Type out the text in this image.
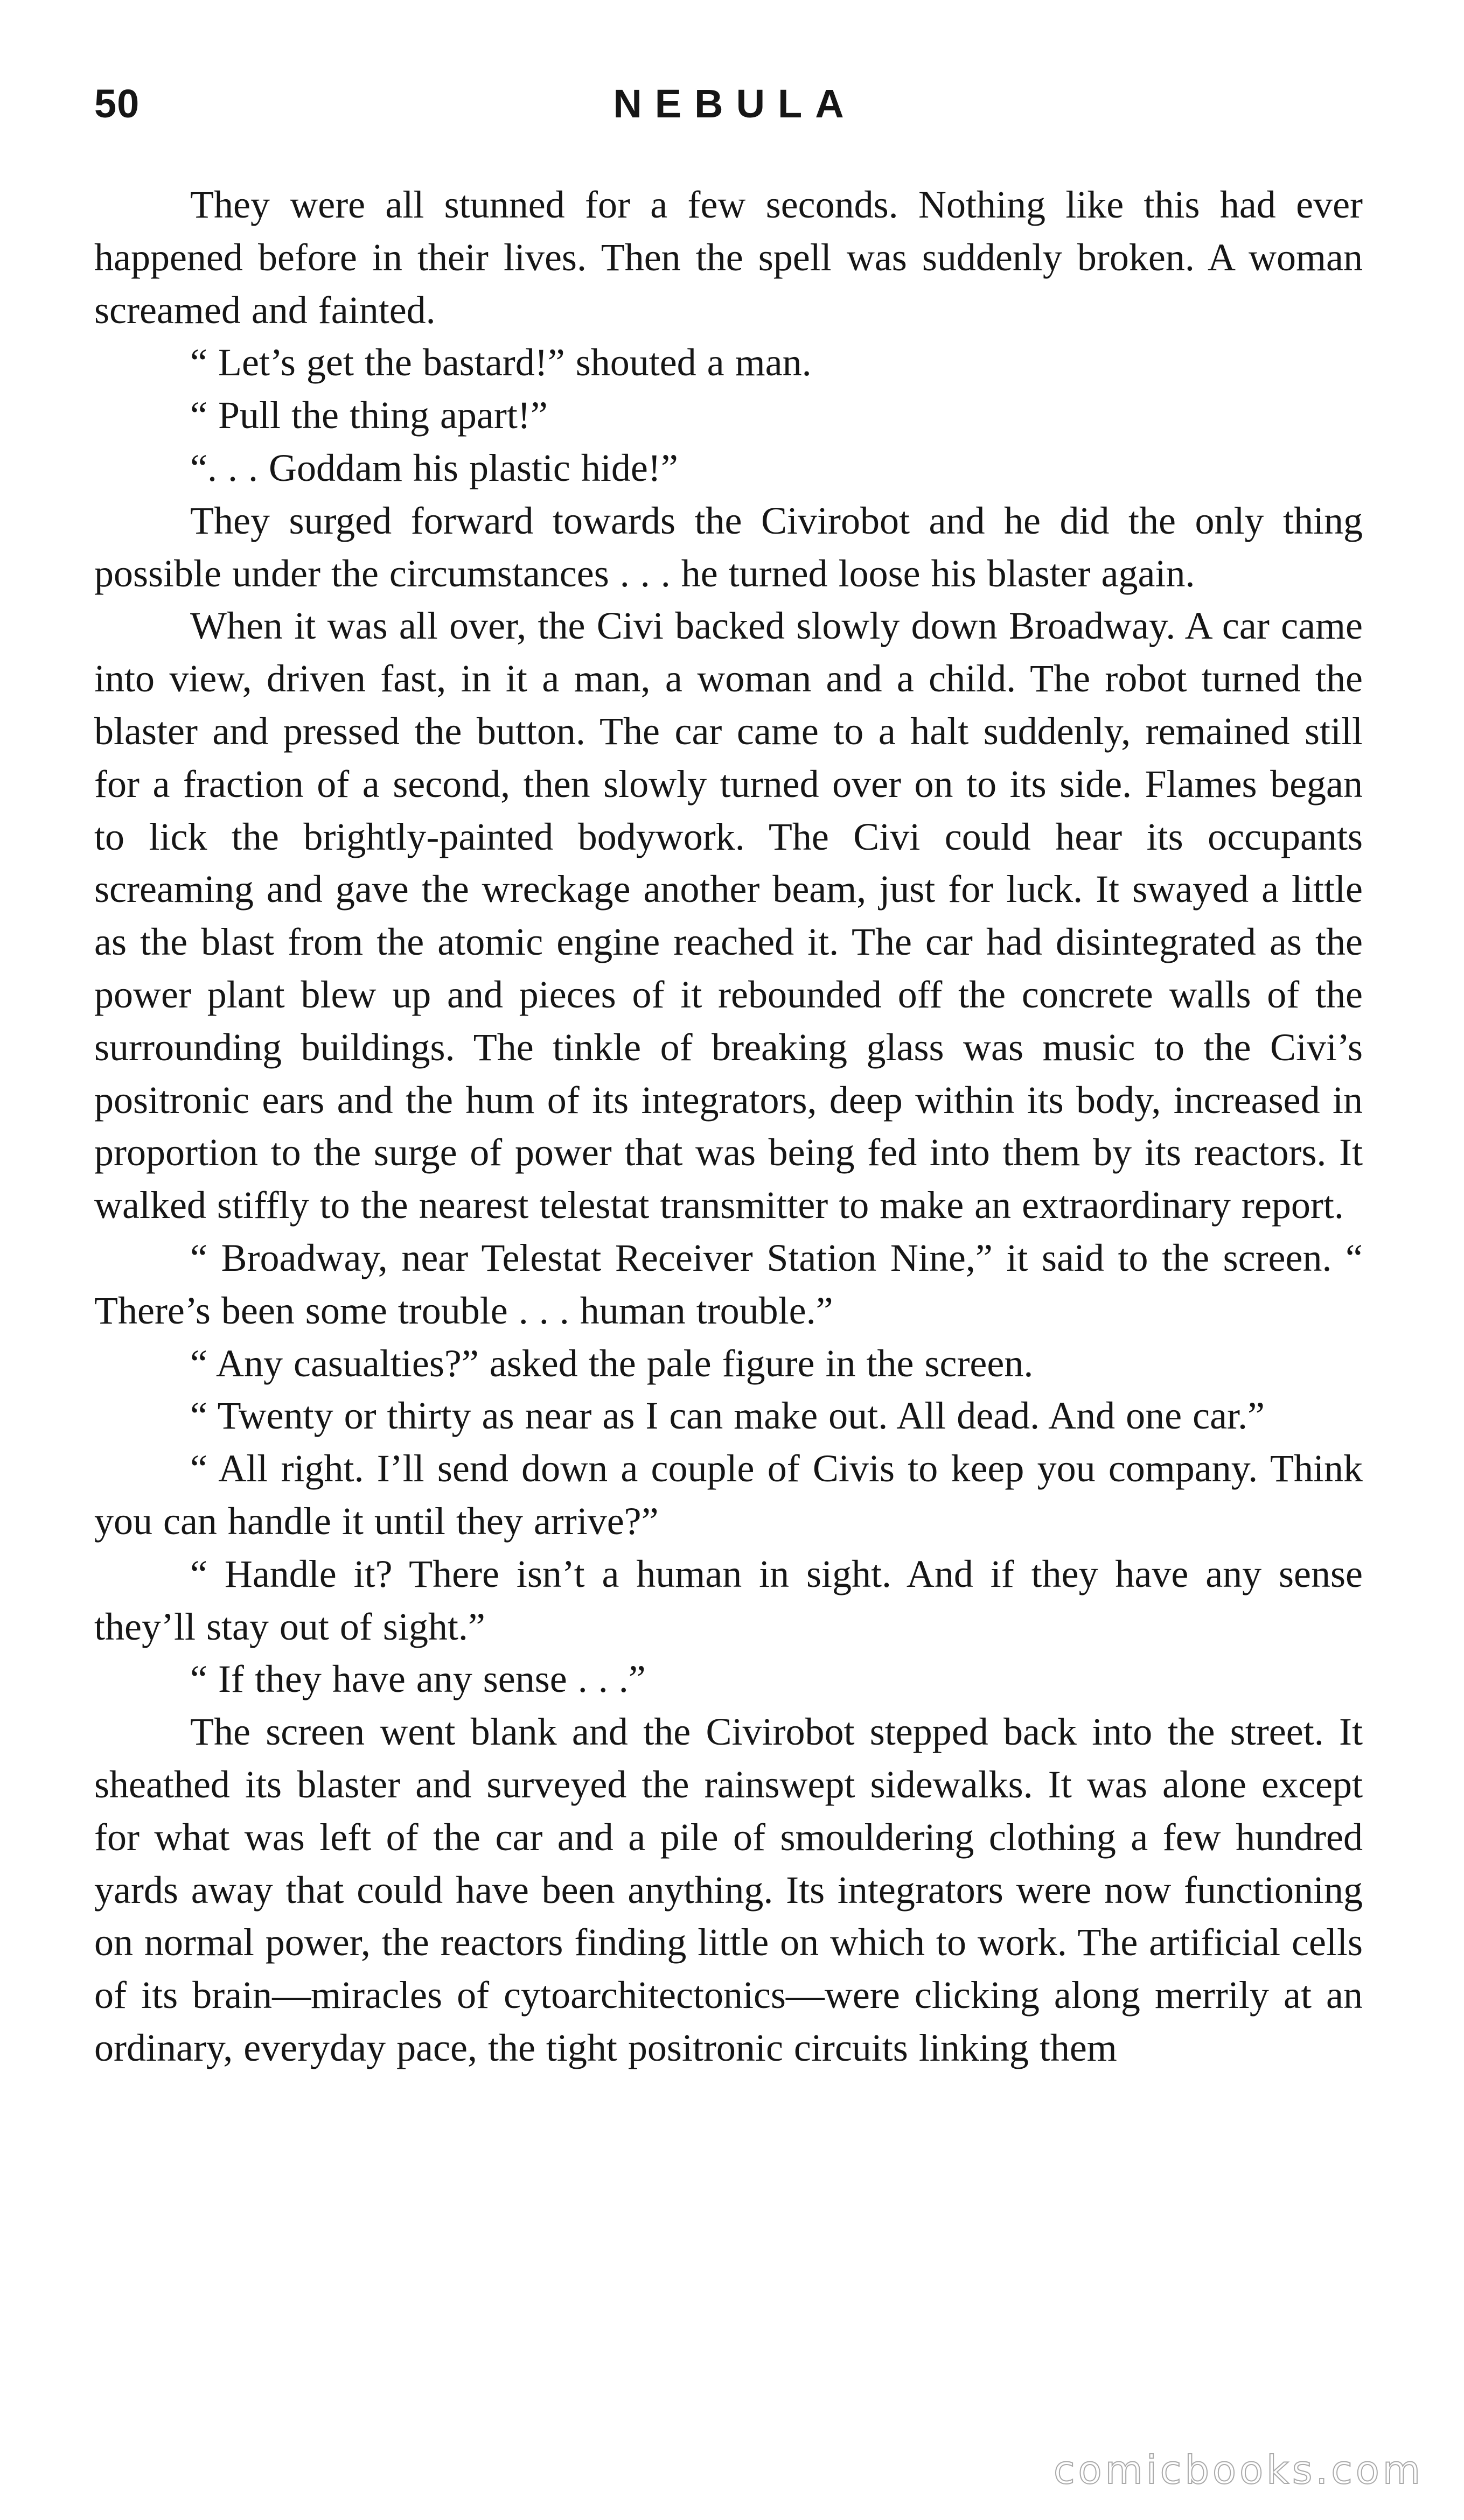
50	NEBULA

They were all stunned for a few seconds. Nothing like this had ever happened before in their lives. Then the spell was suddenly broken. A woman screamed and fainted.

“ Let’s get the bastard!” shouted a man.

“ Pull the thing apart!”

“. . . Goddam his plastic hide!”

They surged forward towards the Civirobot and he did the only thing possible under the circumstances . . . he turned loose his blaster again.

When it was all over, the Civi backed slowly down Broadway. A car came into view, driven fast, in it a man, a woman and a child. The robot turned the blaster and pressed the button. The car came to a halt suddenly, remained still for a fraction of a second, then slowly turned over on to its side. Flames began to lick the brightly-painted bodywork. The Civi could hear its occupants screaming and gave the wreckage another beam, just for luck. It swayed a little as the blast from the atomic engine reached it. The car had disintegrated as the power plant blew up and pieces of it rebounded off the concrete walls of the surrounding buildings. The tinkle of breaking glass was music to the Civi’s positronic ears and the hum of its integrators, deep within its body, increased in proportion to the surge of power that was being fed into them by its reactors. It walked stiffly to the nearest telestat transmitter to make an extraordinary report.

“ Broadway, near Telestat Receiver Station Nine,” it said to the screen. “ There’s been some trouble . . . human trouble.”

“ Any casualties?” asked the pale figure in the screen.

“ Twenty or thirty as near as I can make out. All dead. And one car.”

“ All right. I’ll send down a couple of Civis to keep you company. Think you can handle it until they arrive?”

“ Handle it? There isn’t a human in sight. And if they have any sense they’ll stay out of sight.”

“ If they have any sense . . .”

The screen went blank and the Civirobot stepped back into the street. It sheathed its blaster and surveyed the rainswept sidewalks. It was alone except for what was left of the car and a pile of smouldering clothing a few hundred yards away that could have been anything. Its integrators were now functioning on normal power, the reactors finding little on which to work. The artificial cells of its brain—miracles of cytoarchitectonics—were clicking along merrily at an ordinary, everyday pace, the tight positronic circuits linking them

comicbooks.com
